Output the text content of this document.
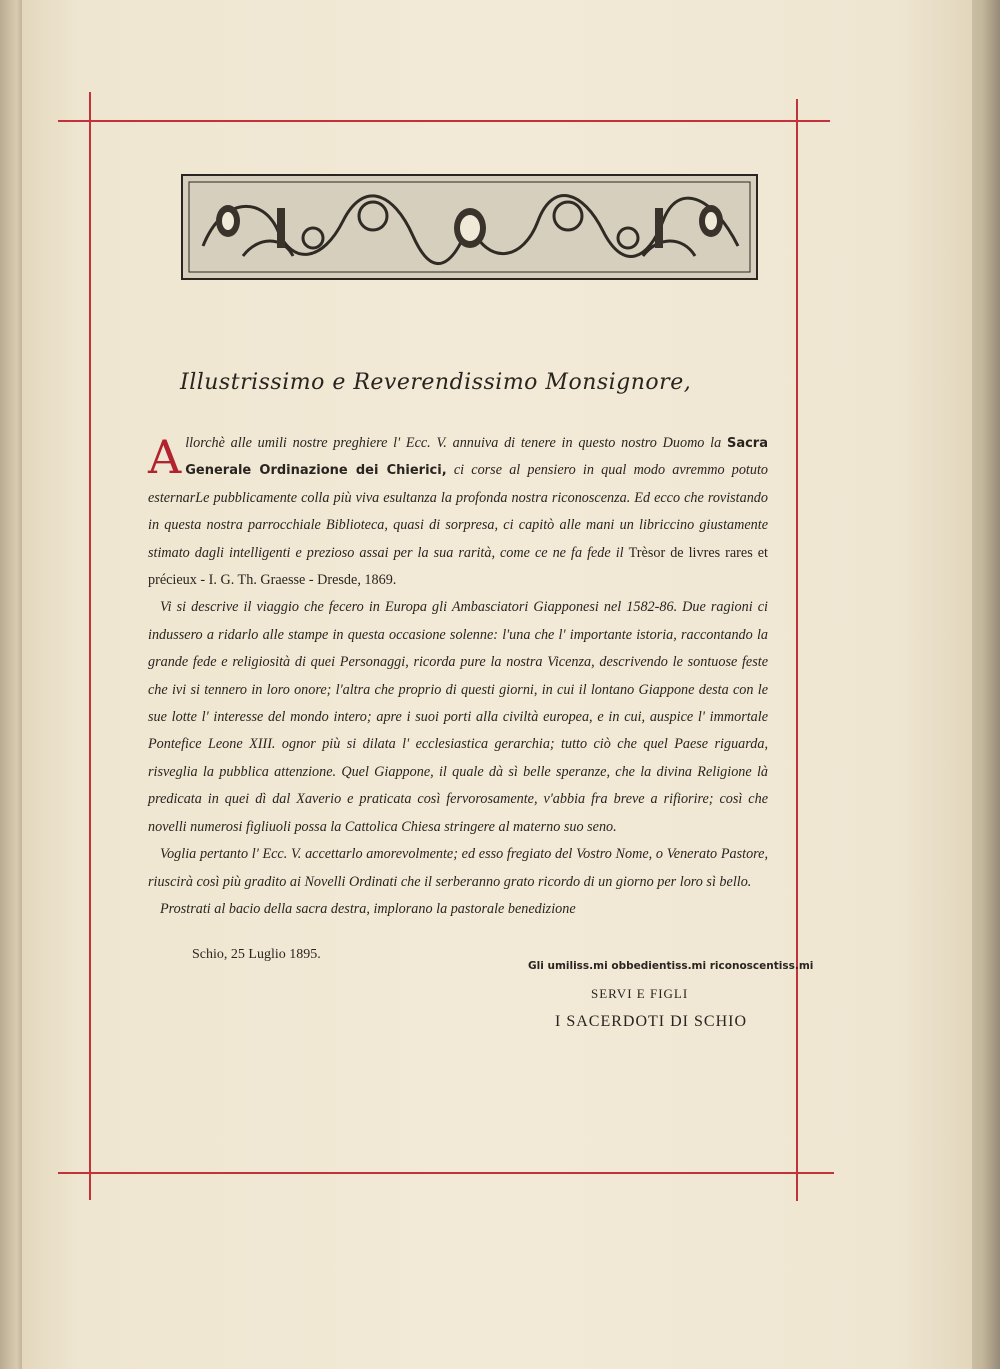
Illustrissimo e Reverendissimo Monsignore,

Allorchè alle umili nostre preghiere l' Ecc. V. annuiva di tenere in questo nostro Duomo la Sacra Generale Ordinazione dei Chierici, ci corse al pensiero in qual modo avremmo potuto esternarLe pubblicamente colla più viva esultanza la profonda nostra riconoscenza. Ed ecco che rovistando in questa nostra parrocchiale Biblioteca, quasi di sorpresa, ci capitò alle mani un libriccino giustamente stimato dagli intelligenti e prezioso assai per la sua rarità, come ce ne fa fede il Trèsor de livres rares et précieux - I. G. Th. Graesse - Dresde, 1869.

Vi si descrive il viaggio che fecero in Europa gli Ambasciatori Giapponesi nel 1582-86. Due ragioni ci indussero a ridarlo alle stampe in questa occasione solenne: l'una che l' importante istoria, raccontando la grande fede e religiosità di quei Personaggi, ricorda pure la nostra Vicenza, descrivendo le sontuose feste che ivi si tennero in loro onore; l'altra che proprio di questi giorni, in cui il lontano Giappone desta con le sue lotte l' interesse del mondo intero; apre i suoi porti alla civiltà europea, e in cui, auspice l' immortale Pontefice Leone XIII. ognor più si dilata l' ecclesiastica gerarchia; tutto ciò che quel Paese riguarda, risveglia la pubblica attenzione. Quel Giappone, il quale dà sì belle speranze, che la divina Religione là predicata in quei dì dal Xaverio e praticata così fervorosamente, v'abbia fra breve a rifiorire; così che novelli numerosi figliuoli possa la Cattolica Chiesa stringere al materno suo seno.

Voglia pertanto l' Ecc. V. accettarlo amorevolmente; ed esso fregiato del Vostro Nome, o Venerato Pastore, riuscirà così più gradito ai Novelli Ordinati che il serberanno grato ricordo di un giorno per loro sì bello.

Prostrati al bacio della sacra destra, implorano la pastorale benedizione

Schio, 25 Luglio 1895.
Gli umiliss.mi obbedientiss.mi riconoscentiss.mi
SERVI E FIGLI
I SACERDOTI DI SCHIO
